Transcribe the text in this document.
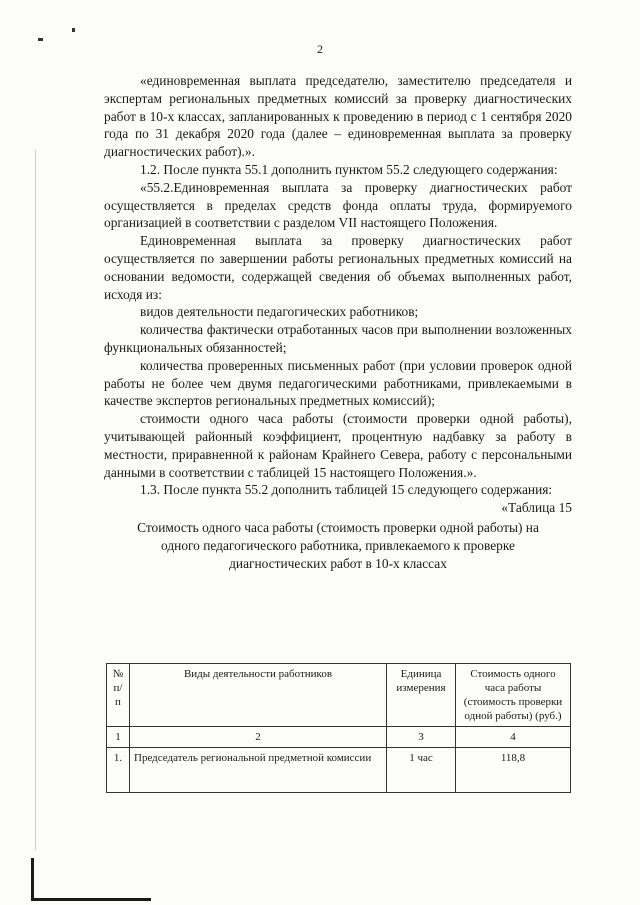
2

«единовременная выплата председателю, заместителю председателя и экспертам региональных предметных комиссий за проверку диагностических работ в 10-х классах, запланированных к проведению в период с 1 сентября 2020 года по 31 декабря 2020 года (далее – единовременная выплата за проверку диагностических работ).».

1.2. После пункта 55.1 дополнить пунктом 55.2 следующего содержания:

«55.2.Единовременная выплата за проверку диагностических работ осуществляется в пределах средств фонда оплаты труда, формируемого организацией в соответствии с разделом VII настоящего Положения.

Единовременная выплата за проверку диагностических работ осуществляется по завершении работы региональных предметных комиссий на основании ведомости, содержащей сведения об объемах выполненных работ, исходя из:

видов деятельности педагогических работников;

количества фактически отработанных часов при выполнении возложенных функциональных обязанностей;

количества проверенных письменных работ (при условии проверок одной работы не более чем двумя педагогическими работниками, привлекаемыми в качестве экспертов региональных предметных комиссий);

стоимости одного часа работы (стоимости проверки одной работы), учитывающей районный коэффициент, процентную надбавку за работу в местности, приравненной к районам Крайнего Севера, работу с персональными данными в соответствии с таблицей 15 настоящего Положения.».

1.3. После пункта 55.2 дополнить таблицей 15 следующего содержания:

«Таблица 15
Стоимость одного часа работы (стоимость проверки одной работы) на одного педагогического работника, привлекаемого к проверке диагностических работ в 10-х классах
№ п/п	Виды деятельности работников	Единица измерения	Стоимость одного часа работы (стоимость проверки одной работы) (руб.)
1	2	3	4
1.	Председатель региональной предметной комиссии	1 час	118,8
